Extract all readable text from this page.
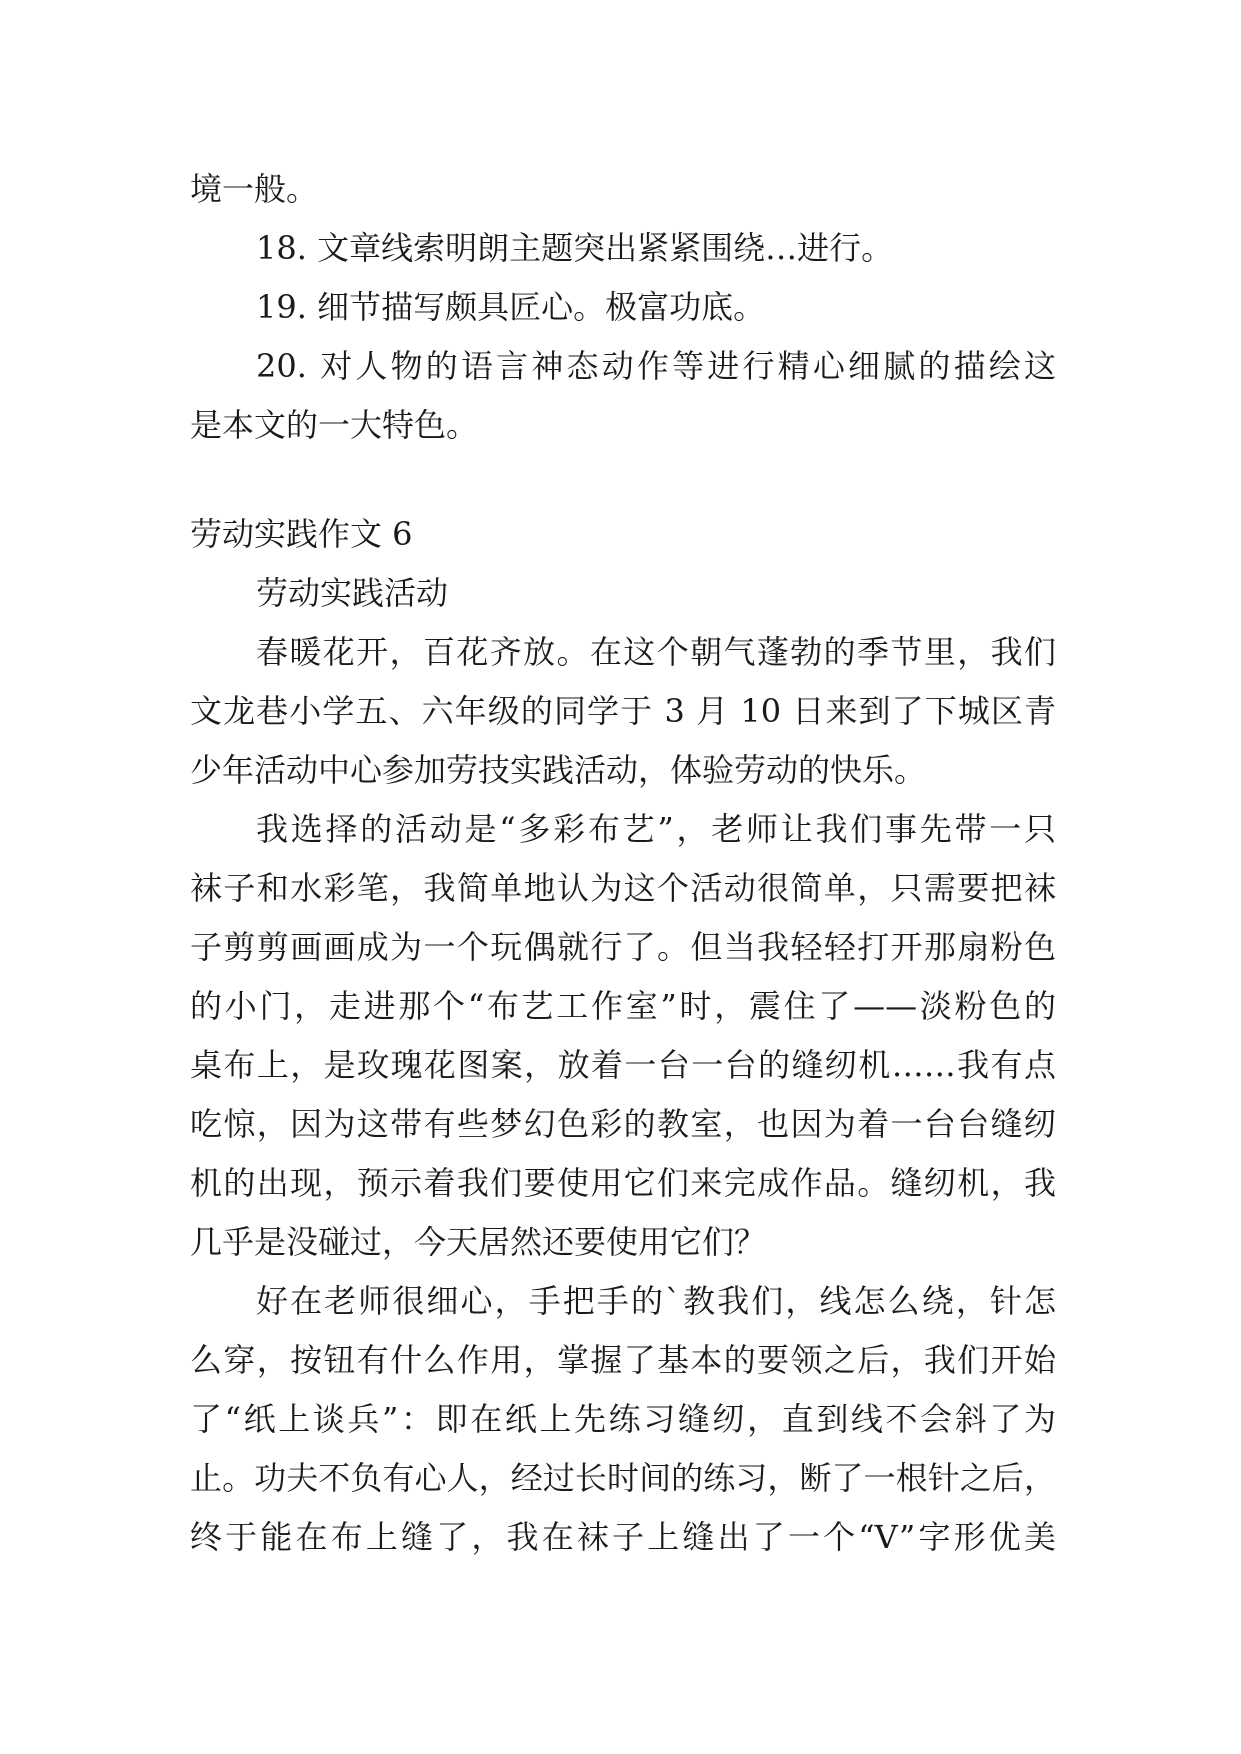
境一般。
18. 文章线索明朗主题突出紧紧围绕…进行。
19. 细节描写颇具匠心。极富功底。
20. 对人物的语言神态动作等进行精心细腻的描绘这
是本文的一大特色。
劳动实践作文 6
劳动实践活动
春暖花开，百花齐放。在这个朝气蓬勃的季节里，我们
文龙巷小学五、六年级的同学于 3 月 10 日来到了下城区青
少年活动中心参加劳技实践活动，体验劳动的快乐。
我选择的活动是“多彩布艺”，老师让我们事先带一只
袜子和水彩笔，我简单地认为这个活动很简单，只需要把袜
子剪剪画画成为一个玩偶就行了。但当我轻轻打开那扇粉色
的小门，走进那个“布艺工作室”时，震住了——淡粉色的
桌布上，是玫瑰花图案，放着一台一台的缝纫机……我有点
吃惊，因为这带有些梦幻色彩的教室，也因为着一台台缝纫
机的出现，预示着我们要使用它们来完成作品。缝纫机，我
几乎是没碰过，今天居然还要使用它们？
好在老师很细心，手把手的`教我们，线怎么绕，针怎
么穿，按钮有什么作用，掌握了基本的要领之后，我们开始
了“纸上谈兵”：即在纸上先练习缝纫，直到线不会斜了为
止。功夫不负有心人，经过长时间的练习，断了一根针之后，
终于能在布上缝了，我在袜子上缝出了一个“V”字形优美
